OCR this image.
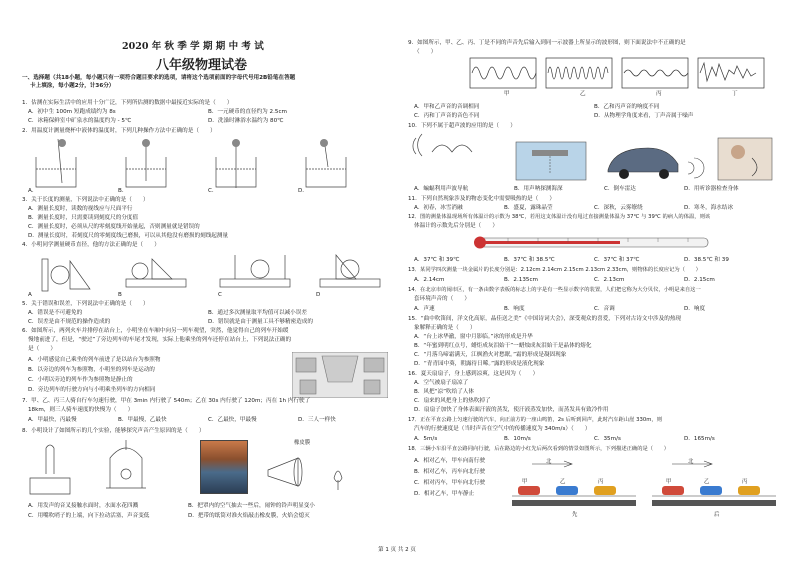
2020 年 秋 季 学 期 期 中 考 试
八年级物理试卷
一、选择题（共18小题，每小题只有一项符合题目要求的选项，请将这个选项前面的字母代号用2B铅笔在答题
卡上填涂，每小题2分，计36分）
1．估测在实际生活中的应用十分广泛，下列所估测的数据中最接近实际的是（　　）
A．初中生 100m 短跑成绩约为 8s	B．一元硬币的直径约为 2.5cm
C．冰箱保鲜室中矿泉水的温度约为 - 5℃	D．洗澡时淋浴水温约为 80℃
2．用温度计测量烧杯中液体的温度时，下列几种操作方法中正确的是（　　）
A．	B．	C．	D．
3．关于长度的测量，下列说法中正确的是（　　）
A．测量长度时，读数的视线应与尺面平行
B．测量长度时，只需要读到刻度尺的分度值
C．测量长度时，必须从尺的零刻度线开始量起，否则测量就是错误的
D．测量长度时，若刻度尺的零刻度线已磨损，可以从其他没有磨损的刻线起测量
4．小明同学测量硬币直径，他的方法正确的是（　　）
A	B	C	D
5．关于错误和误差，下列说法中正确的是（　　）
A．错误是不可避免的	B．通过多次测量取平均值可以减小误差
C．误差是由不规范的操作造成的	D．错误就是由于测量工具不够精密造成的
6．如图所示，两列火车并排停在站台上，小明坐在车厢中向另一列车观望，突然，他觉得自己的列车开始缓
慢地前进了，但是，“驶过”了旁边列车的车尾才发现，实际上他乘坐的列车还停在站台上，下列说法正确的
是（　　）
A．小明感觉自己乘坐的列车前进了是以站台为参照物
B．以旁边的列车为参照物，小明坐的列车是运动的
C．小明以旁边的列车作为参照物是静止的
D．旁边列车的行驶方向与小明乘坐列车的方向相同
7．甲、乙、丙三人骑自行车匀速行驶，甲在 3min 内行驶了 540m；乙在 30s 内行驶了 120m；丙在 1h 内行驶了
18km，则三人骑车速度的快慢为（　　）
A．甲最快，丙最慢	B．甲最慢，乙最快	C．乙最快，甲最慢	D．三人一样快
8．小明设计了如图所示的几个实验，能够探究声音产生原因的是（　　）
橡皮膜
A．用发声的音叉接触水面时，水面水花四溅	B．把罩内的空气抽去一些后，闹钟的铃声明显变小
C．用嘴吹哨子的上端，向下拉动活塞，声音变低	D．把带的纸筒对准火焰敲击橡皮膜，火焰会熄灭
9．如图所示，甲、乙、丙、丁是不同的声音先后输入到同一示波器上所显示的波形图，则下面说法中不正确的是
（　　）
甲	乙	丙	丁
A．甲和乙声音的音调相同	B．乙和丙声音的响度不同
C．丙和丁声音的音色不同	D．从物理学角度来看，丁声音属于噪声
10．下列不属于超声波的应用的是（　　）
A．蝙蝠利用声波导航	B．用声呐探测海深	C．倒车雷达	D．用听诊器检查身体
11．下列自然现象涉及的物态变化中需要吸热的是（　　）
A．初春，冰雪消融	B．盛夏，露珠晶莹	C．深秋，云雾缭绕	D．寒冬，海水结冰
12．图的测量体温现场所有体温计的示数为 38℃，若用这支体温计没有甩过直接测量体温为 37℃ 与 39℃ 的病人的体温，则该
体温计的示数先后分别是（　　）
A．37℃ 和 39℃	B．37℃ 和 38.5℃	C．37℃ 和 37℃	D．38.5℃ 和 39
13．某同学四次测量一块金属片的长度分别是：2.12cm 2.14cm 2.15cm 2.13cm 2.33cm，则物体的长度应记为（　　）
A．2.14cm	B．2.135cm	C．2.13cm	D．2.15cm
14．在北京市的闹市区，有一条由数字表板的标志上的字是有一些显示数字的装置，人们把它称为大分贝仪，小明是来自这一
套环境声音的（　　）
A．声速	B．响度	C．音调	D．响度
15．“曲中吹笛间，洋文化高原，晶佳送之美”《中国诗词大会》，深受观众的喜爱，下列对古诗文中涉及的热现
象解释正确的是（　　）
A．“台上冰华澈，窗中月影临。”冰的形成是升华
B．“年蜜到明红点号，蜡炬成灰泪始干”一蜡烛成灰泪始干是晶体的熔化
C．“月落乌啼霜满天，江枫渔火对愁眠。”霜的形成是凝固现象
D．“青青园中葵，朝露待日晞。”露的形成是液化现象
16．夏天扇扇子，身上感到凉爽，这是因为（　　）
A．空气被扇子扇凉了
B．风把“凉”吹给了人体
C．扇来的风把身上的热吹掉了
D．扇扇子加快了身体表面汗液的蒸发，使汗液蒸发加快，而蒸发具有致冷作用
17．正在平直公路上匀速行驶的汽车，向正前方的一座山鸣笛，2s 后听到回声，此时汽车距山崖 330m，则
汽车的行驶速度是（当时声音在空气中的传播速度为 340m/s）（　　）
A．5m/s	B．10m/s	C．35m/s	D．165m/s
18．三辆小车沿平直公路同向行驶，后在路边的小红先后两次看到的情景如图所示，下列描述正确的是（　　）
A．相对乙车，甲车向南行驶
B．相对乙车，丙车向北行驶
C．相对丙车，甲车向北行驶
D．相对乙车，甲车静止
北	北
甲	乙	丙	甲	乙	丙
先	后
第 1 页 共 2 页
